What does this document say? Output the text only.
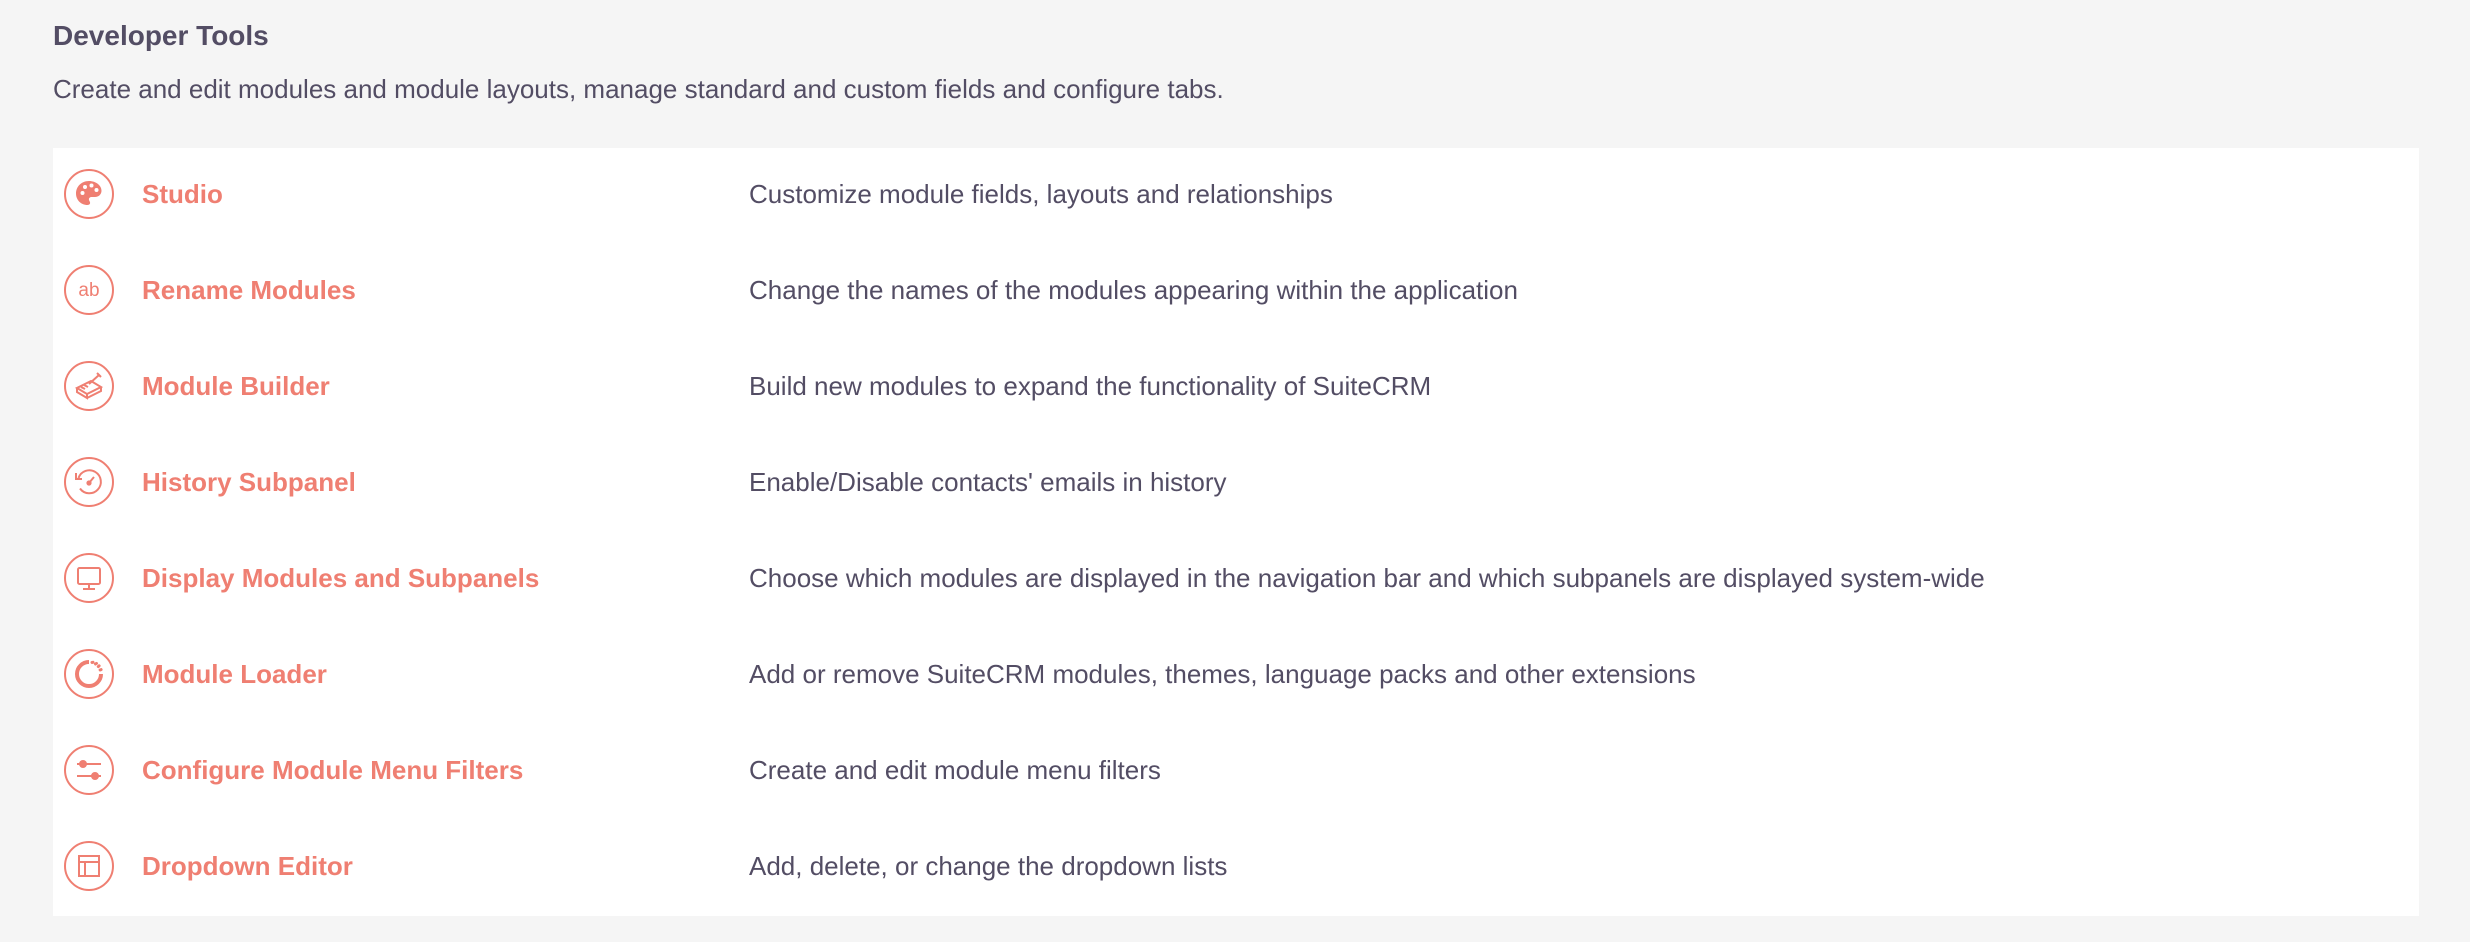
Developer Tools

Create and edit modules and module layouts, manage standard and custom fields and configure tabs.

Studio	Customize module fields, layouts and relationships
ab Rename Modules	Change the names of the modules appearing within the application
Module Builder	Build new modules to expand the functionality of SuiteCRM
History Subpanel	Enable/Disable contacts' emails in history
Display Modules and Subpanels	Choose which modules are displayed in the navigation bar and which subpanels are displayed system-wide
Module Loader	Add or remove SuiteCRM modules, themes, language packs and other extensions
Configure Module Menu Filters	Create and edit module menu filters
Dropdown Editor	Add, delete, or change the dropdown lists
